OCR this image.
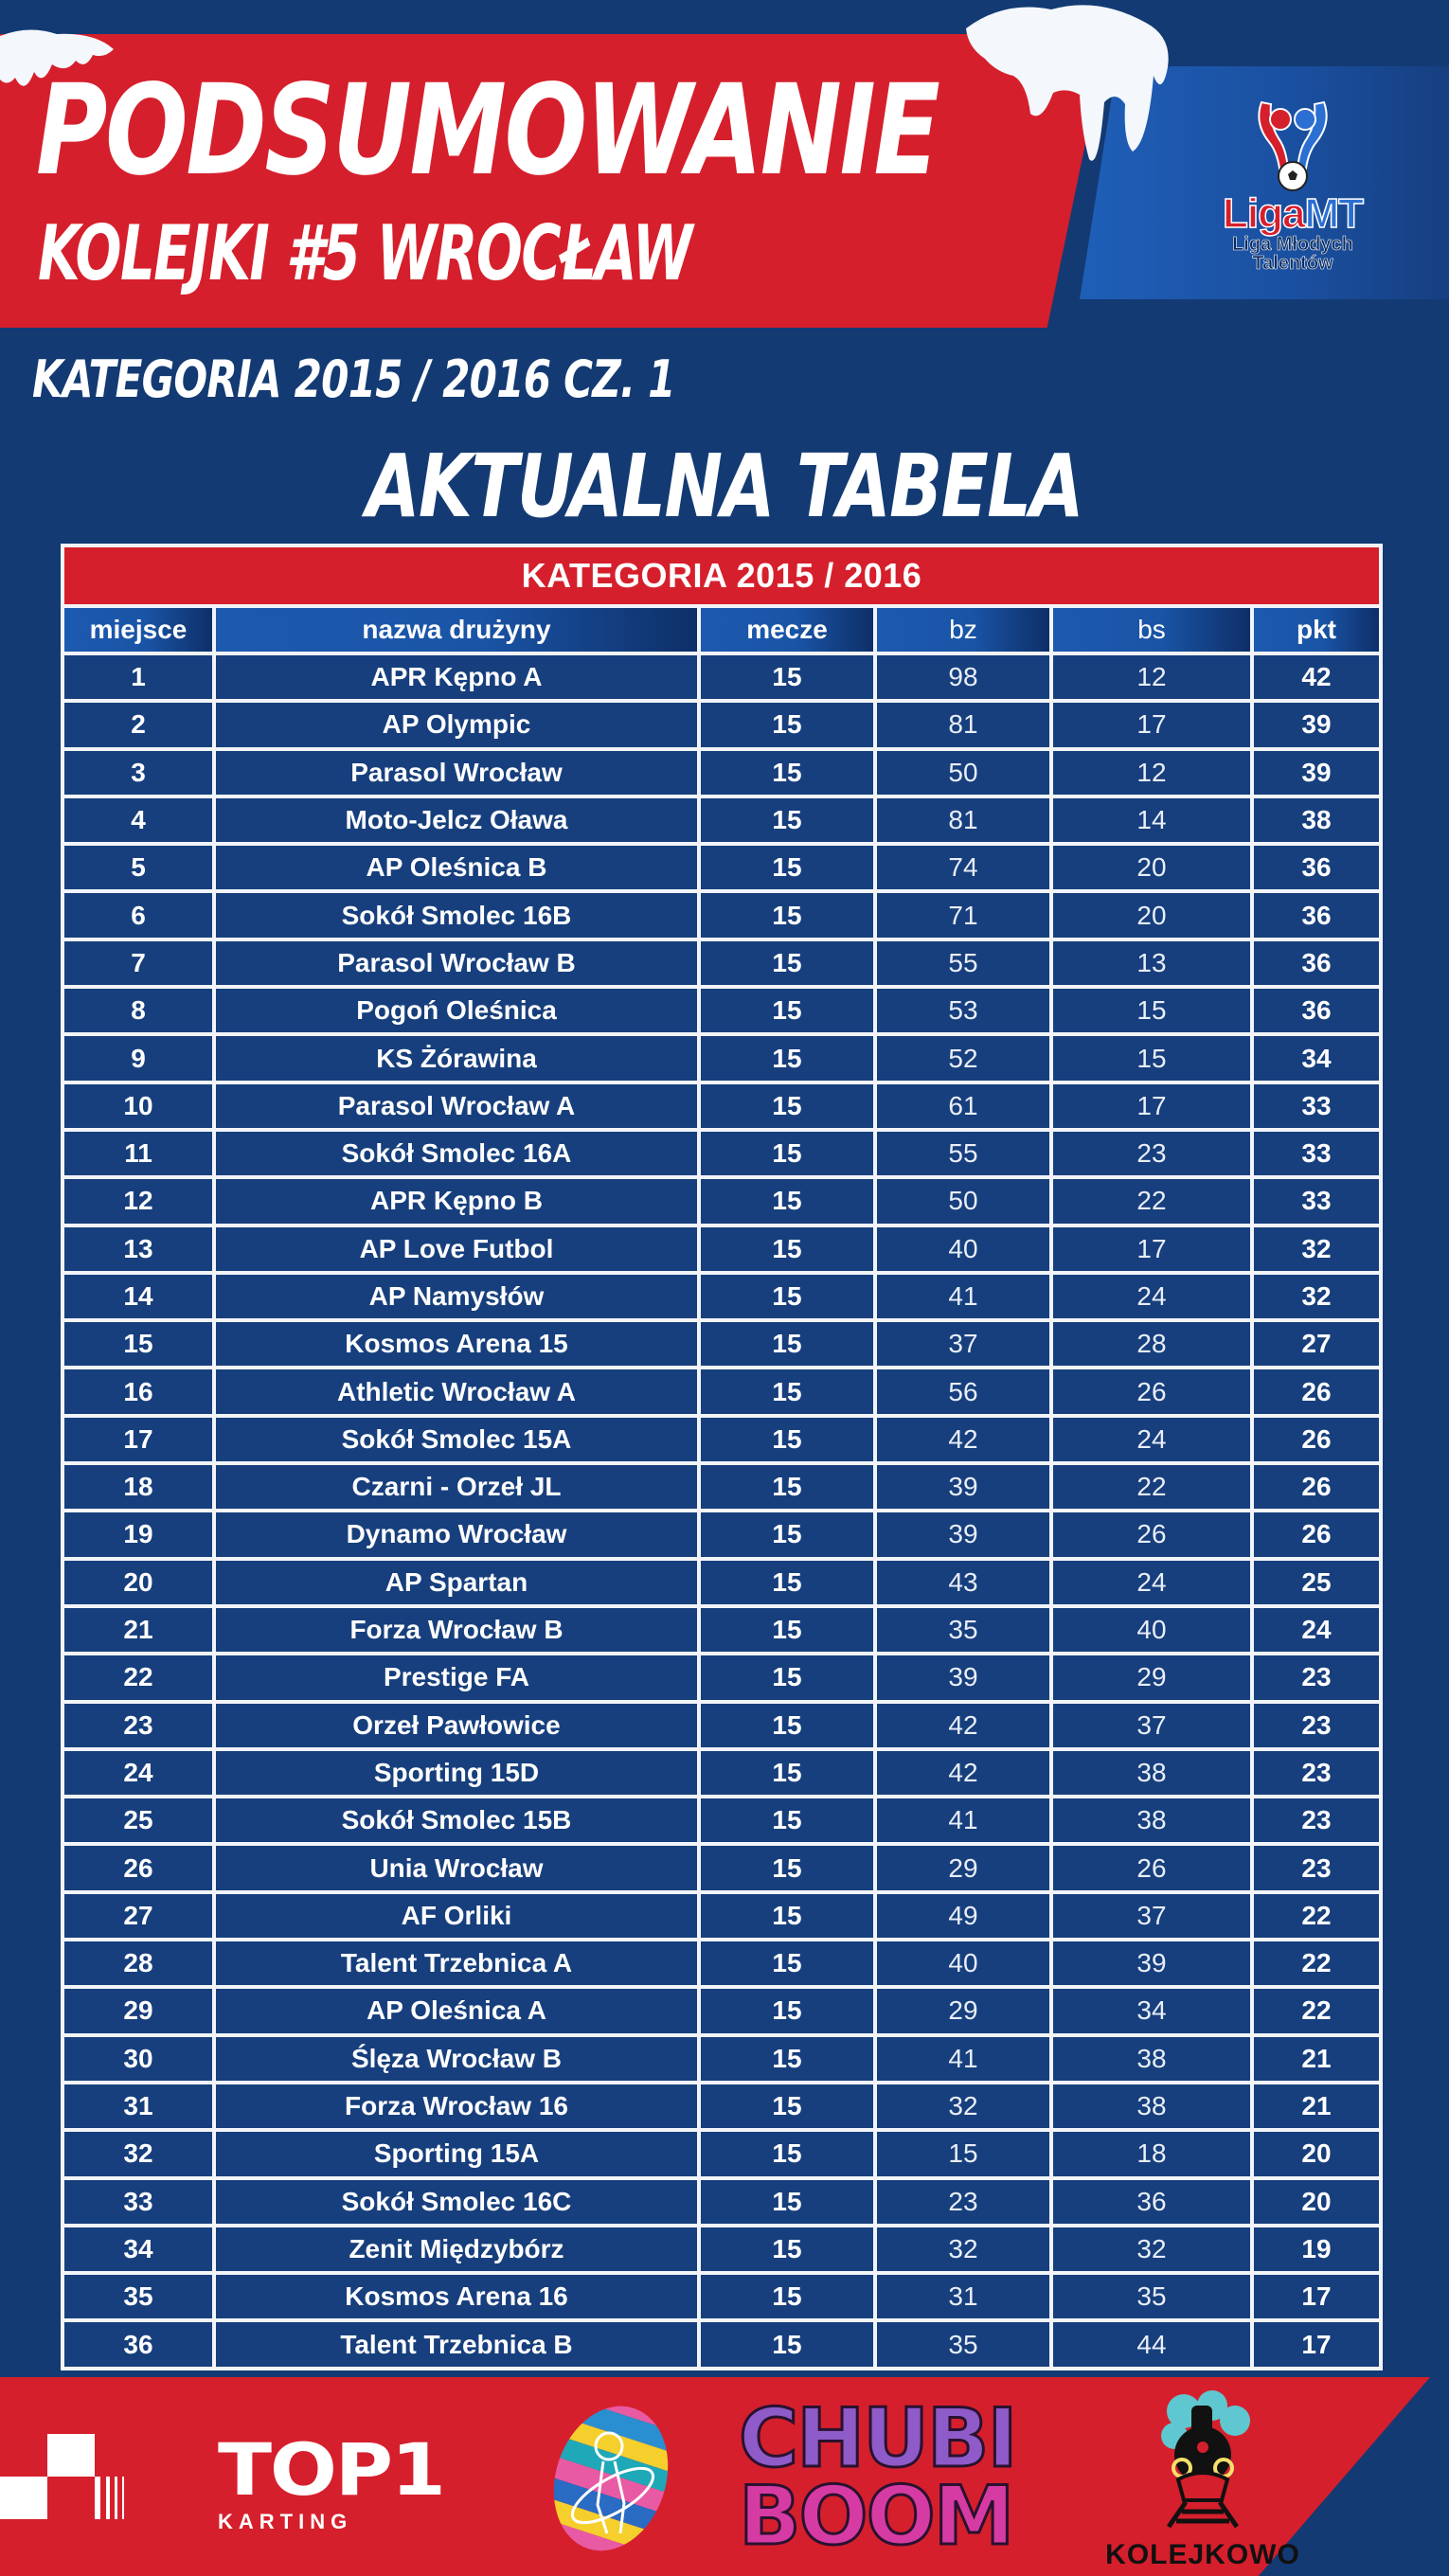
PODSUMOWANIE
KOLEJKI #5 WROCŁAW	LigaMT
Liga Młodych
Talentów
KATEGORIA 2015 / 2016 CZ. 1
AKTUALNA TABELA
KATEGORIA 2015 / 2016
miejsce	nazwa drużyny	mecze	bz	bs	pkt
1	APR Kępno A	15	98	12	42
2	AP Olympic	15	81	17	39
3	Parasol Wrocław	15	50	12	39
4	Moto-Jelcz Oława	15	81	14	38
5	AP Oleśnica B	15	74	20	36
6	Sokół Smolec 16B	15	71	20	36
7	Parasol Wrocław B	15	55	13	36
8	Pogoń Oleśnica	15	53	15	36
9	KS Żórawina	15	52	15	34
10	Parasol Wrocław A	15	61	17	33
11	Sokół Smolec 16A	15	55	23	33
12	APR Kępno B	15	50	22	33
13	AP Love Futbol	15	40	17	32
14	AP Namysłów	15	41	24	32
15	Kosmos Arena 15	15	37	28	27
16	Athletic Wrocław A	15	56	26	26
17	Sokół Smolec 15A	15	42	24	26
18	Czarni - Orzeł JL	15	39	22	26
19	Dynamo Wrocław	15	39	26	26
20	AP Spartan	15	43	24	25
21	Forza Wrocław B	15	35	40	24
22	Prestige FA	15	39	29	23
23	Orzeł Pawłowice	15	42	37	23
24	Sporting 15D	15	42	38	23
25	Sokół Smolec 15B	15	41	38	23
26	Unia Wrocław	15	29	26	23
27	AF Orliki	15	49	37	22
28	Talent Trzebnica A	15	40	39	22
29	AP Oleśnica A	15	29	34	22
30	Ślęza Wrocław B	15	41	38	21
31	Forza Wrocław 16	15	32	38	21
32	Sporting 15A	15	15	18	20
33	Sokół Smolec 16C	15	23	36	20
34	Zenit Międzybórz	15	32	32	19
35	Kosmos Arena 16	15	31	35	17
36	Talent Trzebnica B	15	35	44	17
TOP1
KARTING
CHUBI
BOOM	KOLEJKOWO
